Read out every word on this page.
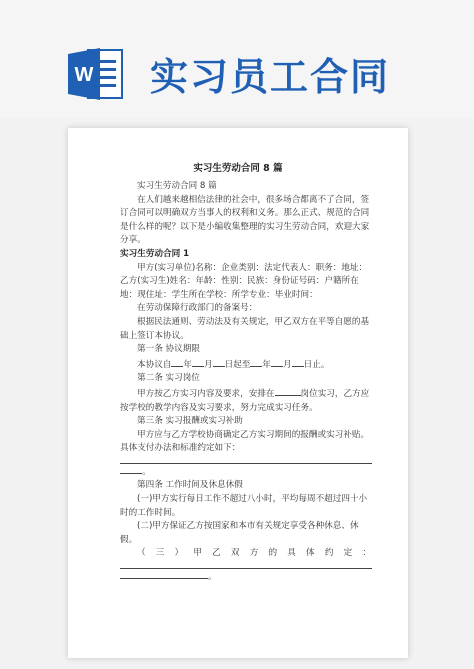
W 实习员工合同
实习生劳动合同 8 篇

实习生劳动合同 8 篇

在人们越来越相信法律的社会中，很多场合都离不了合同，签订合同可以明确双方当事人的权利和义务。那么正式、规范的合同是什么样的呢？以下是小编收集整理的实习生劳动合同，欢迎大家分享。

实习生劳动合同 1

甲方(实习单位)名称：企业类别：法定代表人：职务：地址：乙方(实习生)姓名：年龄：性别：民族：身份证号码：户籍所在地：现住址：学生所在学校：所学专业：毕业时间：

在劳动保障行政部门的备案号：

根据民法通则、劳动法及有关规定，甲乙双方在平等自愿的基础上签订本协议。

第一条 协议期限

本协议自 年 月 日起至 年 月 日止。

第二条 实习岗位

甲方按乙方实习内容及要求，安排在	岗位实习，乙方应按学校的教学内容及实习要求，努力完成实习任务。

第三条 实习报酬或实习补助

甲方应与乙方学校协商确定乙方实习期间的报酬或实习补贴。具体支付办法和标准约定如下：

。

第四条 工作时间及休息休假

(一)甲方实行每日工作不超过八小时，平均每周不超过四十小时的工作时间。

(二)甲方保证乙方按国家和本市有关规定享受各种休息、休假。

（三）甲乙双方的具体约定：

。
